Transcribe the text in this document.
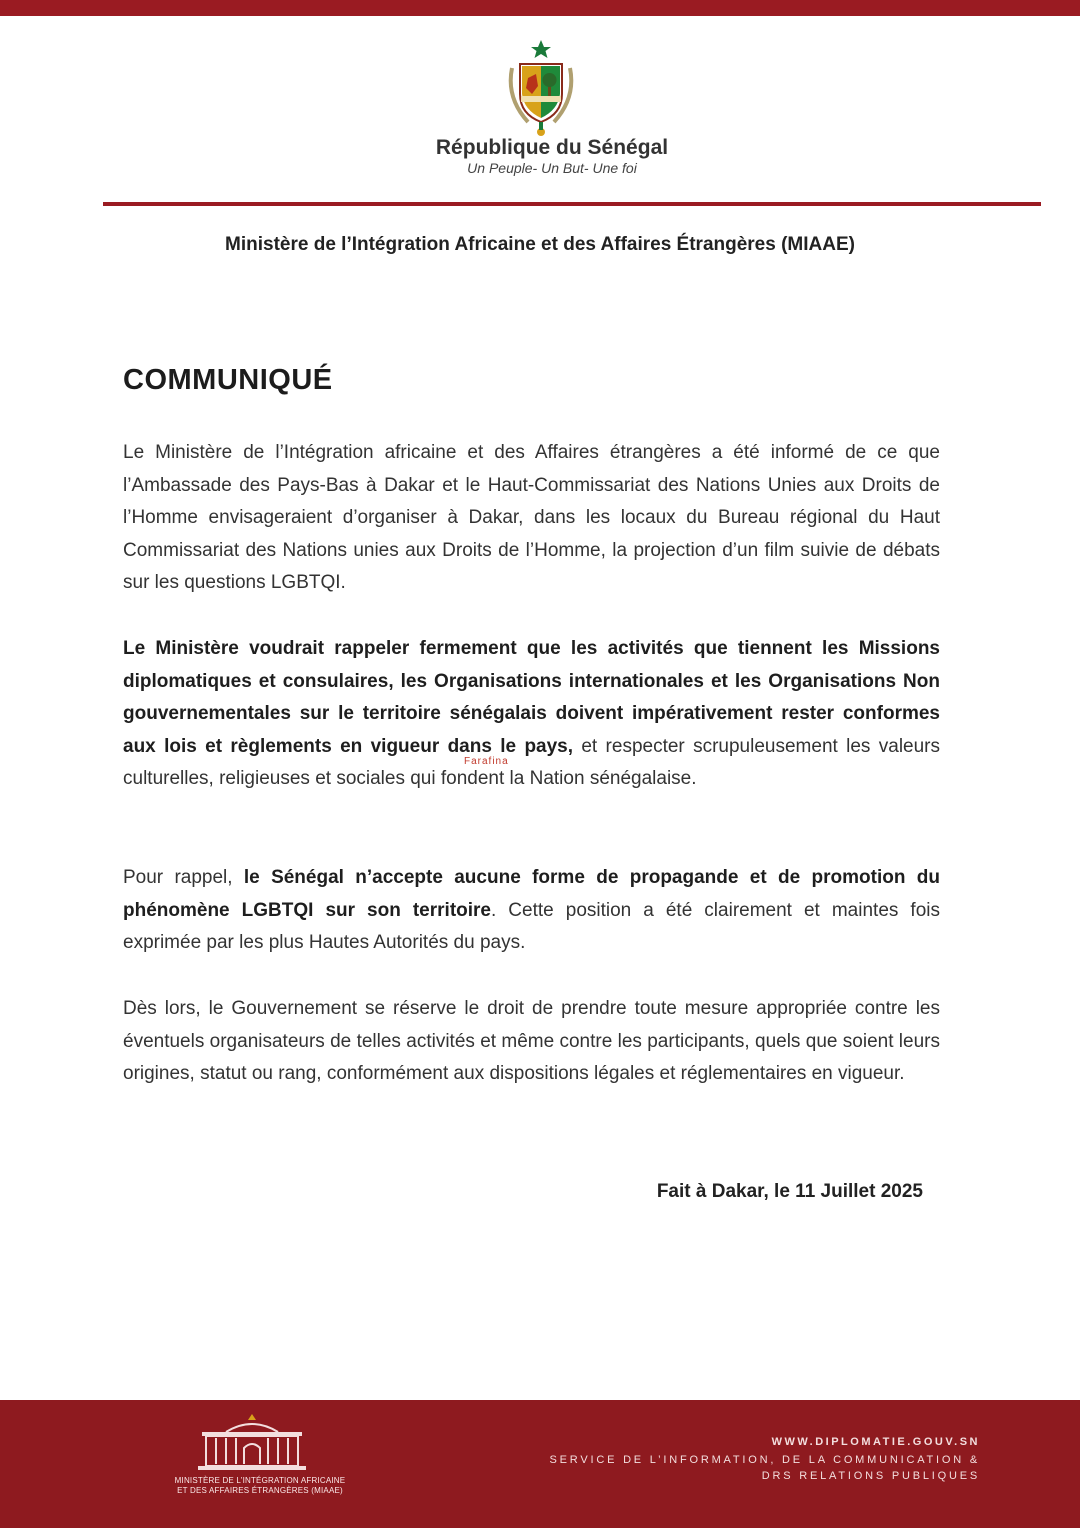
République du Sénégal
Un Peuple- Un But- Une foi
Ministère de l’Intégration Africaine et des Affaires Étrangères (MIAAE)
COMMUNIQUÉ

Le Ministère de l’Intégration africaine et des Affaires étrangères a été informé de ce que l’Ambassade des Pays-Bas à Dakar et le Haut-Commissariat des Nations Unies aux Droits de l’Homme envisageraient d’organiser à Dakar, dans les locaux du Bureau régional du Haut Commissariat des Nations unies aux Droits de l’Homme, la projection d’un film suivie de débats sur les questions LGBTQI.

Le Ministère voudrait rappeler fermement que les activités que tiennent les Missions diplomatiques et consulaires, les Organisations internationales et les Organisations Non gouvernementales sur le territoire sénégalais doivent impérativement rester conformes aux lois et règlements en vigueur dans le pays, et respecter scrupuleusement les valeurs culturelles, religieuses et sociales qui fondent la Nation sénégalaise.

Pour rappel, le Sénégal n’accepte aucune forme de propagande et de promotion du phénomène LGBTQI sur son territoire. Cette position a été clairement et maintes fois exprimée par les plus Hautes Autorités du pays.

Dès lors, le Gouvernement se réserve le droit de prendre toute mesure appropriée contre les éventuels organisateurs de telles activités et même contre les participants, quels que soient leurs origines, statut ou rang, conformément aux dispositions légales et réglementaires en vigueur.

Farafina
Fait à Dakar, le 11 Juillet 2025
MINISTÈRE DE L’INTÉGRATION AFRICAINE
ET DES AFFAIRES ÉTRANGÈRES (MIAAE)
WWW.DIPLOMATIE.GOUV.SN
SERVICE DE L’INFORMATION, DE LA COMMUNICATION &
DRS RELATIONS PUBLIQUES
